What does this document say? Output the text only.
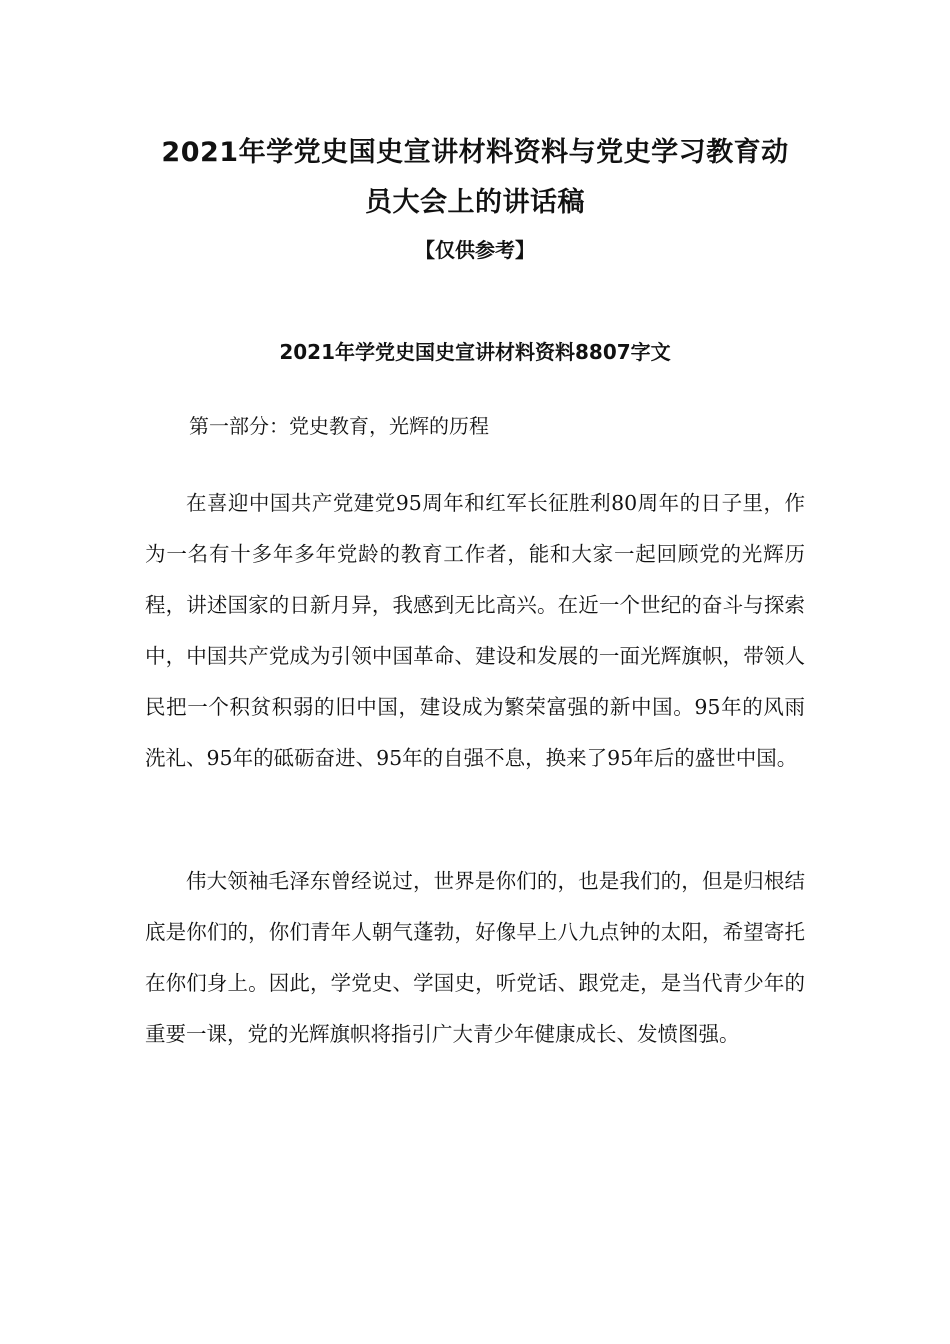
2021年学党史国史宣讲材料资料与党史学习教育动
员大会上的讲话稿
【仅供参考】
2021年学党史国史宣讲材料资料8807字文
第一部分：党史教育，光辉的历程

在喜迎中国共产党建党95周年和红军长征胜利80周年的日子里，作为一名有十多年多年党龄的教育工作者，能和大家一起回顾党的光辉历程，讲述国家的日新月异，我感到无比高兴。在近一个世纪的奋斗与探索中，中国共产党成为引领中国革命、建设和发展的一面光辉旗帜，带领人民把一个积贫积弱的旧中国，建设成为繁荣富强的新中国。95年的风雨洗礼、95年的砥砺奋进、95年的自强不息，换来了95年后的盛世中国。

伟大领袖毛泽东曾经说过，世界是你们的，也是我们的，但是归根结底是你们的，你们青年人朝气蓬勃，好像早上八九点钟的太阳，希望寄托在你们身上。因此，学党史、学国史，听党话、跟党走，是当代青少年的重要一课，党的光辉旗帜将指引广大青少年健康成长、发愤图强。
